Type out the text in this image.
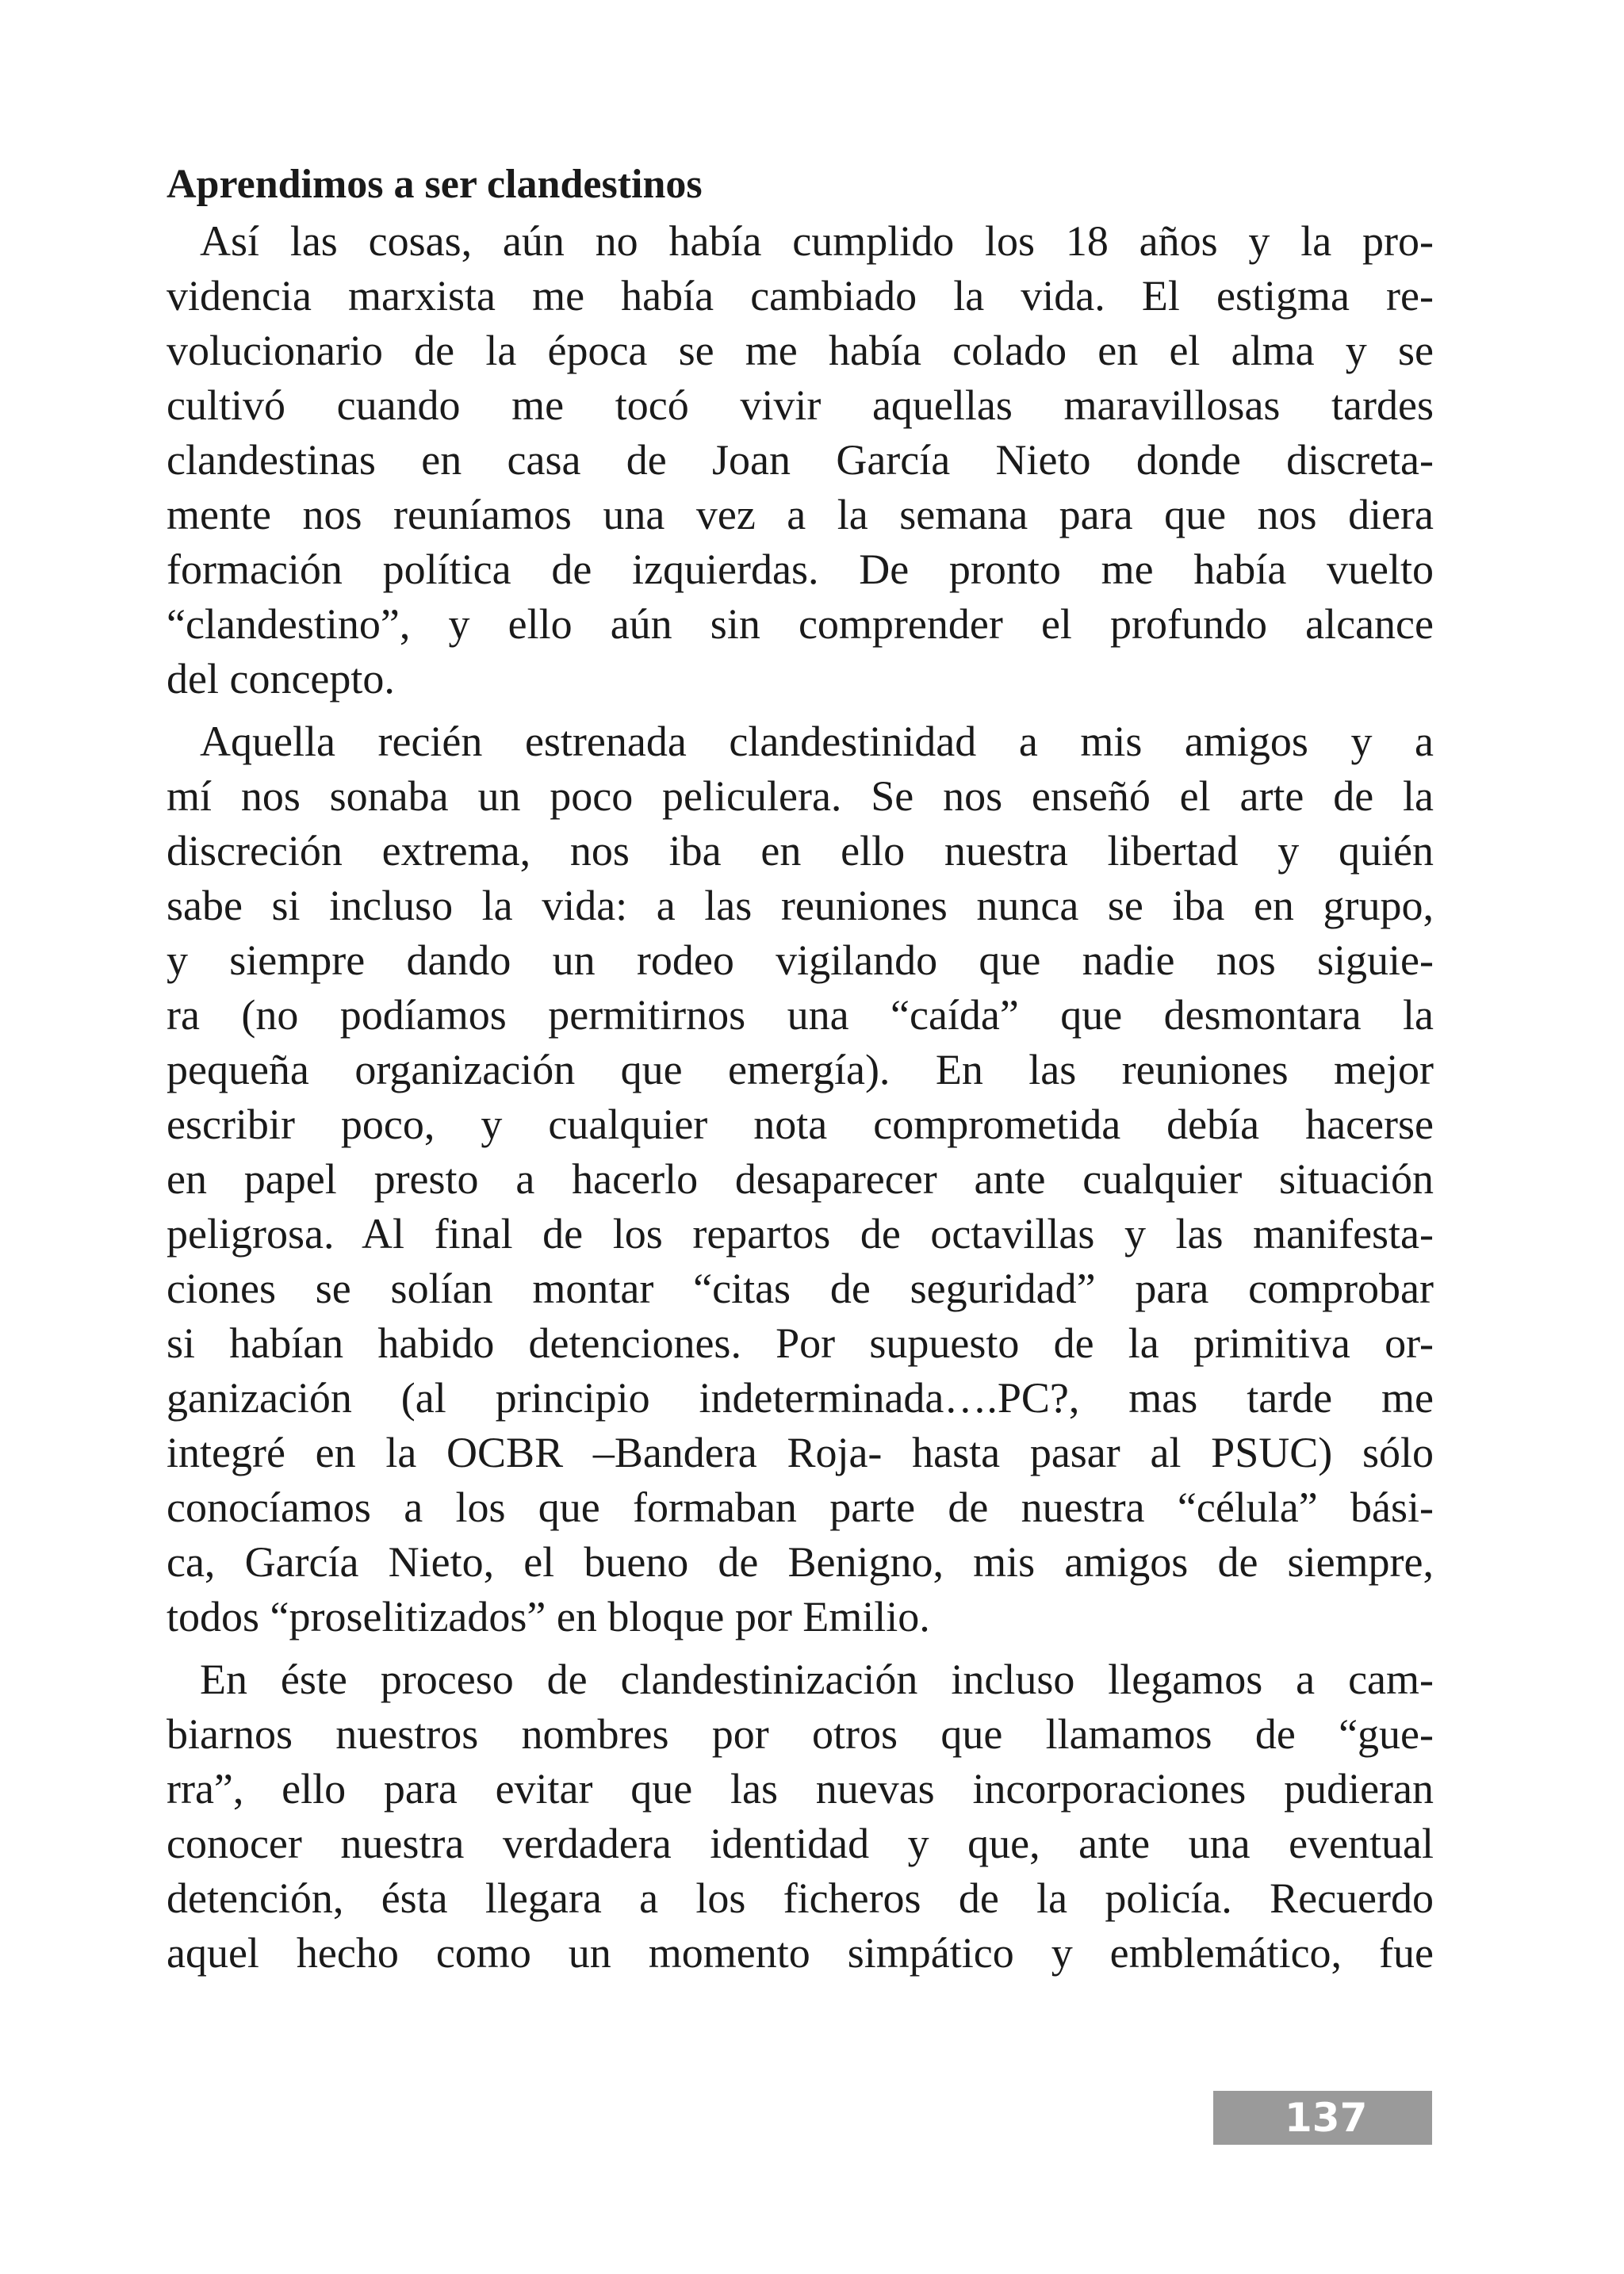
Aprendimos a ser clandestinos
Así las cosas, aún no había cumplido los 18 años y la pro-
videncia marxista me había cambiado la vida. El estigma re-
volucionario de la época se me había colado en el alma y se
cultivó cuando me tocó vivir aquellas maravillosas tardes
clandestinas en casa de Joan García Nieto donde discreta-
mente nos reuníamos una vez a la semana para que nos diera
formación política de izquierdas. De pronto me había vuelto
“clandestino”, y ello aún sin comprender el profundo alcance
del concepto.
Aquella recién estrenada clandestinidad a mis amigos y a
mí nos sonaba un poco peliculera. Se nos enseñó el arte de la
discreción extrema, nos iba en ello nuestra libertad y quién
sabe si incluso la vida: a las reuniones nunca se iba en grupo,
y siempre dando un rodeo vigilando que nadie nos siguie-
ra (no podíamos permitirnos una “caída” que desmontara la
pequeña organización que emergía). En las reuniones mejor
escribir poco, y cualquier nota comprometida debía hacerse
en papel presto a hacerlo desaparecer ante cualquier situación
peligrosa. Al final de los repartos de octavillas y las manifesta-
ciones se solían montar “citas de seguridad” para comprobar
si habían habido detenciones. Por supuesto de la primitiva or-
ganización (al principio indeterminada….PC?, mas tarde me
integré en la OCBR –Bandera Roja- hasta pasar al PSUC) sólo
conocíamos a los que formaban parte de nuestra “célula” bási-
ca, García Nieto, el bueno de Benigno, mis amigos de siempre,
todos “proselitizados” en bloque por Emilio.
En éste proceso de clandestinización incluso llegamos a cam-
biarnos nuestros nombres por otros que llamamos de “gue-
rra”, ello para evitar que las nuevas incorporaciones pudieran
conocer nuestra verdadera identidad y que, ante una eventual
detención, ésta llegara a los ficheros de la policía. Recuerdo
aquel hecho como un momento simpático y emblemático, fue
137
